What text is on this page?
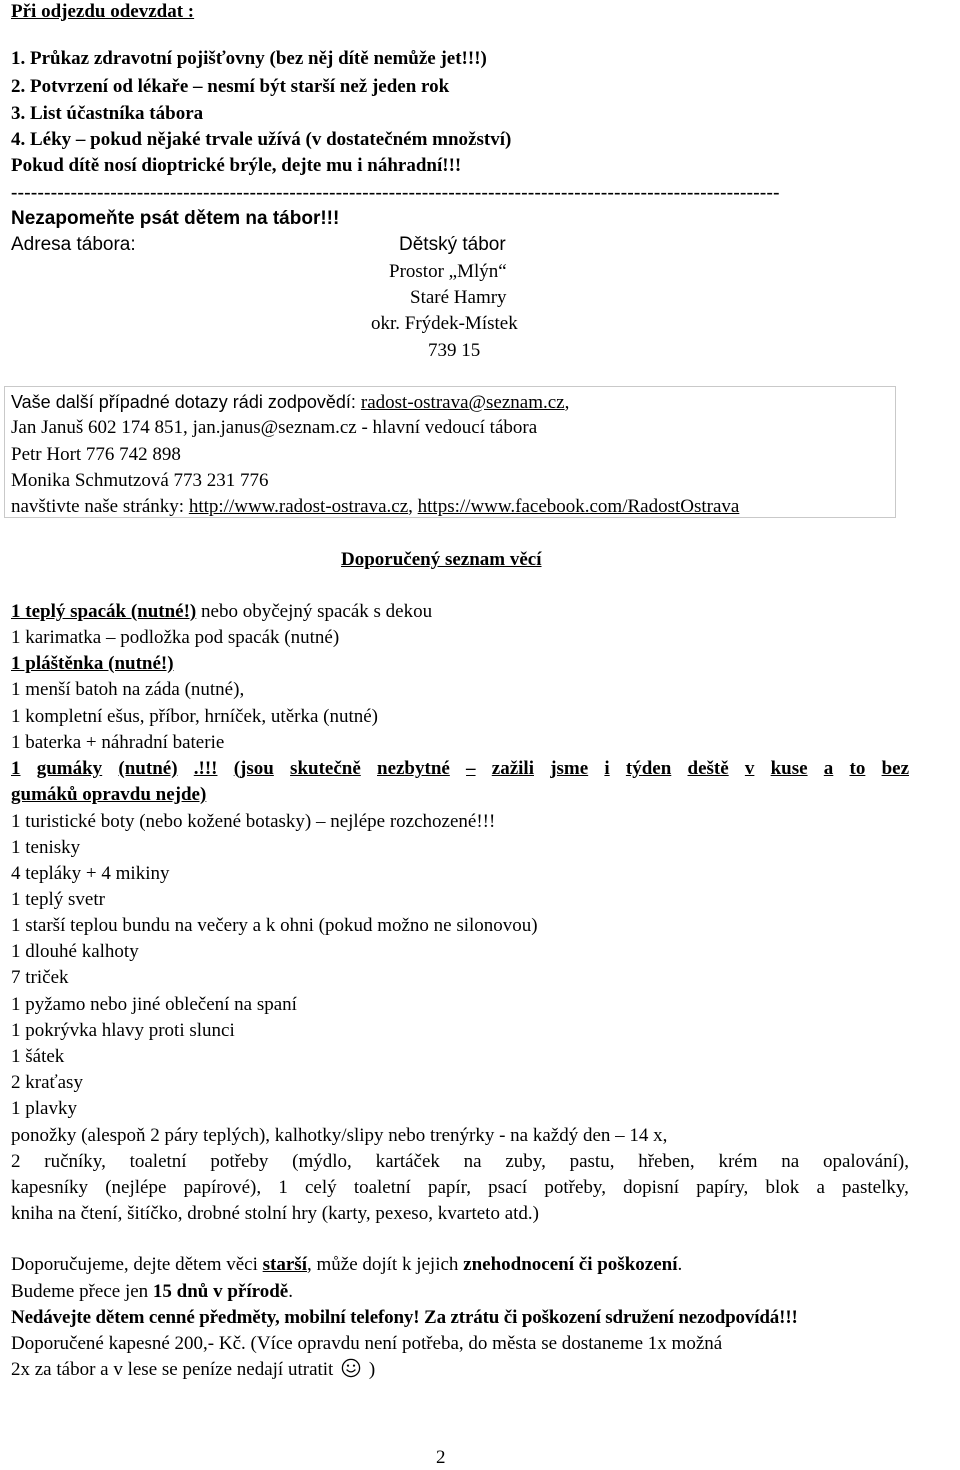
Při odjezdu odevzdat :
1. Průkaz zdravotní pojišťovny (bez něj dítě nemůže jet!!!)
2. Potvrzení od lékaře – nesmí být starší než jeden rok
3. List účastníka tábora
4. Léky – pokud nějaké trvale užívá (v dostatečném množství)
Pokud dítě nosí dioptrické brýle, dejte mu i náhradní!!!
--------------------------------------------------------------------------------------------------------------------
Nezapomeňte psát dětem na tábor!!!
Adresa tábora:	Dětský tábor
Prostor „Mlýn“
Staré Hamry
okr. Frýdek-Místek
739 15
Vaše další případné dotazy rádi zodpovědí: radost-ostrava@seznam.cz,
Jan Januš 602 174 851, jan.janus@seznam.cz - hlavní vedoucí tábora
Petr Hort 776 742 898
Monika Schmutzová 773 231 776
navštivte naše stránky: http://www.radost-ostrava.cz, https://www.facebook.com/RadostOstrava
Doporučený seznam věcí
1 teplý spacák (nutné!) nebo obyčejný spacák s dekou
1 karimatka – podložka pod spacák (nutné)
1 pláštěnka (nutné!)
1 menší batoh na záda (nutné),
1 kompletní ešus, příbor, hrníček, utěrka (nutné)
1 baterka + náhradní baterie
1 gumáky (nutné) .!!! (jsou skutečně nezbytné – zažili jsme i týden deště v kuse a to bez
gumáků opravdu nejde)
1 turistické boty (nebo kožené botasky) – nejlépe rozchozené!!!
1 tenisky
4 tepláky + 4 mikiny
1 teplý svetr
1 starší teplou bundu na večery a k ohni (pokud možno ne silonovou)
1 dlouhé kalhoty
7 triček
1 pyžamo nebo jiné oblečení na spaní
1 pokrývka hlavy proti slunci
1 šátek
2 kraťasy
1 plavky
ponožky (alespoň 2 páry teplých), kalhotky/slipy nebo trenýrky - na každý den – 14 x,
2 ručníky, toaletní potřeby (mýdlo, kartáček na zuby, pastu, hřeben, krém na opalování),
kapesníky (nejlépe papírové), 1 celý toaletní papír, psací potřeby, dopisní papíry, blok a pastelky,
kniha na čtení, šitíčko, drobné stolní hry (karty, pexeso, kvarteto atd.)
Doporučujeme, dejte dětem věci starší, může dojít k jejich znehodnocení či poškození.
Budeme přece jen 15 dnů v přírodě.
Nedávejte dětem cenné předměty, mobilní telefony! Za ztrátu či poškození sdružení nezodpovídá!!!
Doporučené kapesné 200,- Kč. (Více opravdu není potřeba, do města se dostaneme 1x možná
2x za tábor a v lese se peníze nedají utratit  )
2
